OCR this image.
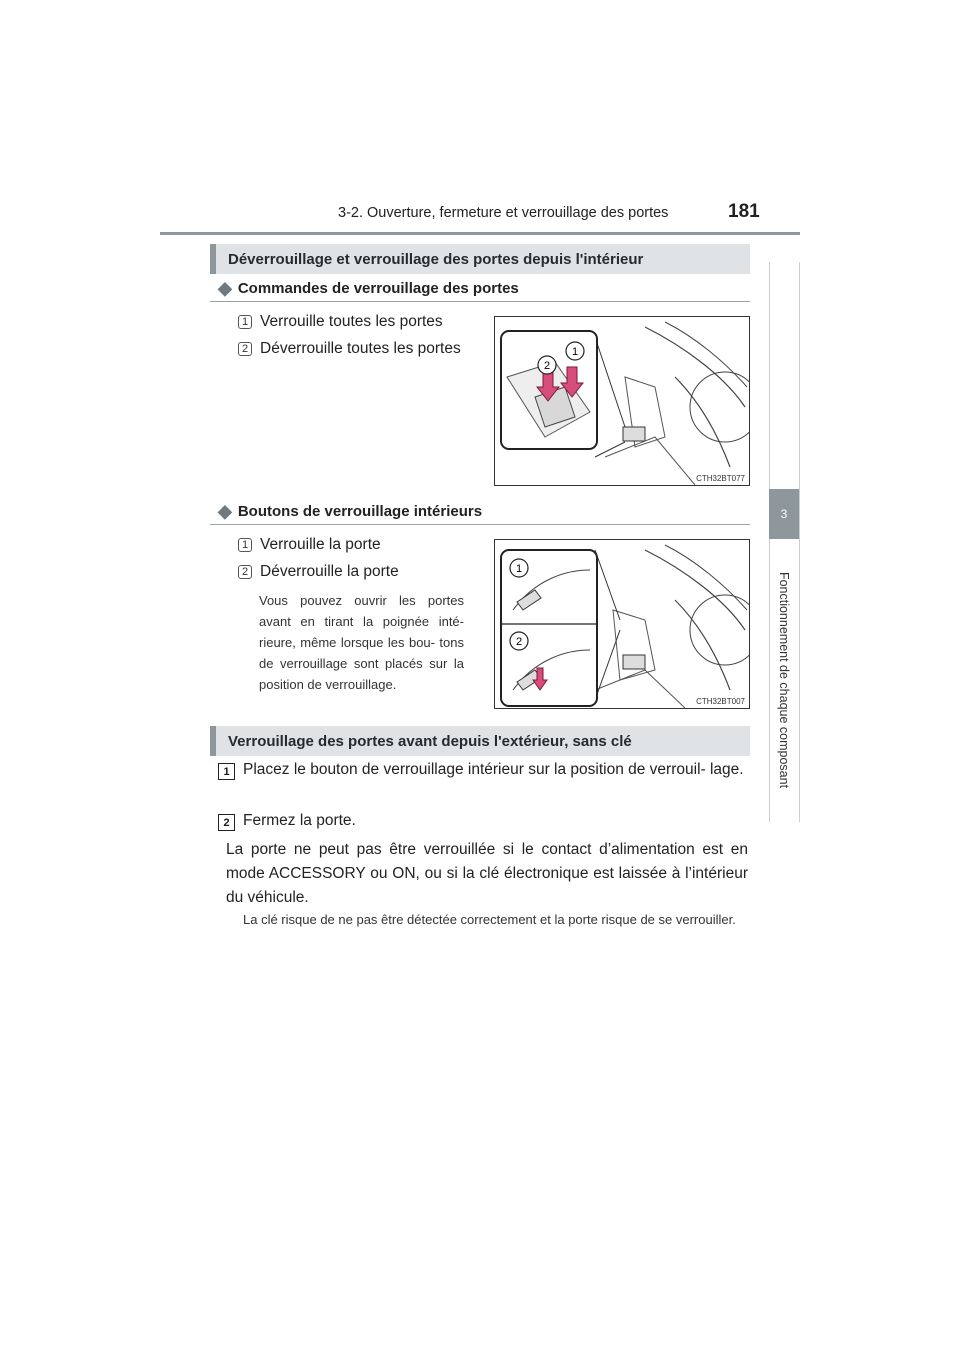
3-2. Ouverture, fermeture et verrouillage des portes	181
3
Fonctionnement de chaque composant
Déverrouillage et verrouillage des portes depuis l'intérieur
◆ Commandes de verrouillage des portes
1 Verrouille toutes les portes
2 Déverrouille toutes les portes
2
1
CTH32BT077
◆ Boutons de verrouillage intérieurs
1 Verrouille la porte
2 Déverrouille la porte
Vous pouvez ouvrir les portes avant en tirant la poignée inté- rieure, même lorsque les bou- tons de verrouillage sont placés sur la position de verrouillage.
1
2
CTH32BT007
Verrouillage des portes avant depuis l'extérieur, sans clé
1 Placez le bouton de verrouillage intérieur sur la position de verrouil- lage.
2 Fermez la porte.
La porte ne peut pas être verrouillée si le contact d’alimentation est en mode ACCESSORY ou ON, ou si la clé électronique est laissée à l’intérieur du véhicule.
La clé risque de ne pas être détectée correctement et la porte risque de se verrouiller.
